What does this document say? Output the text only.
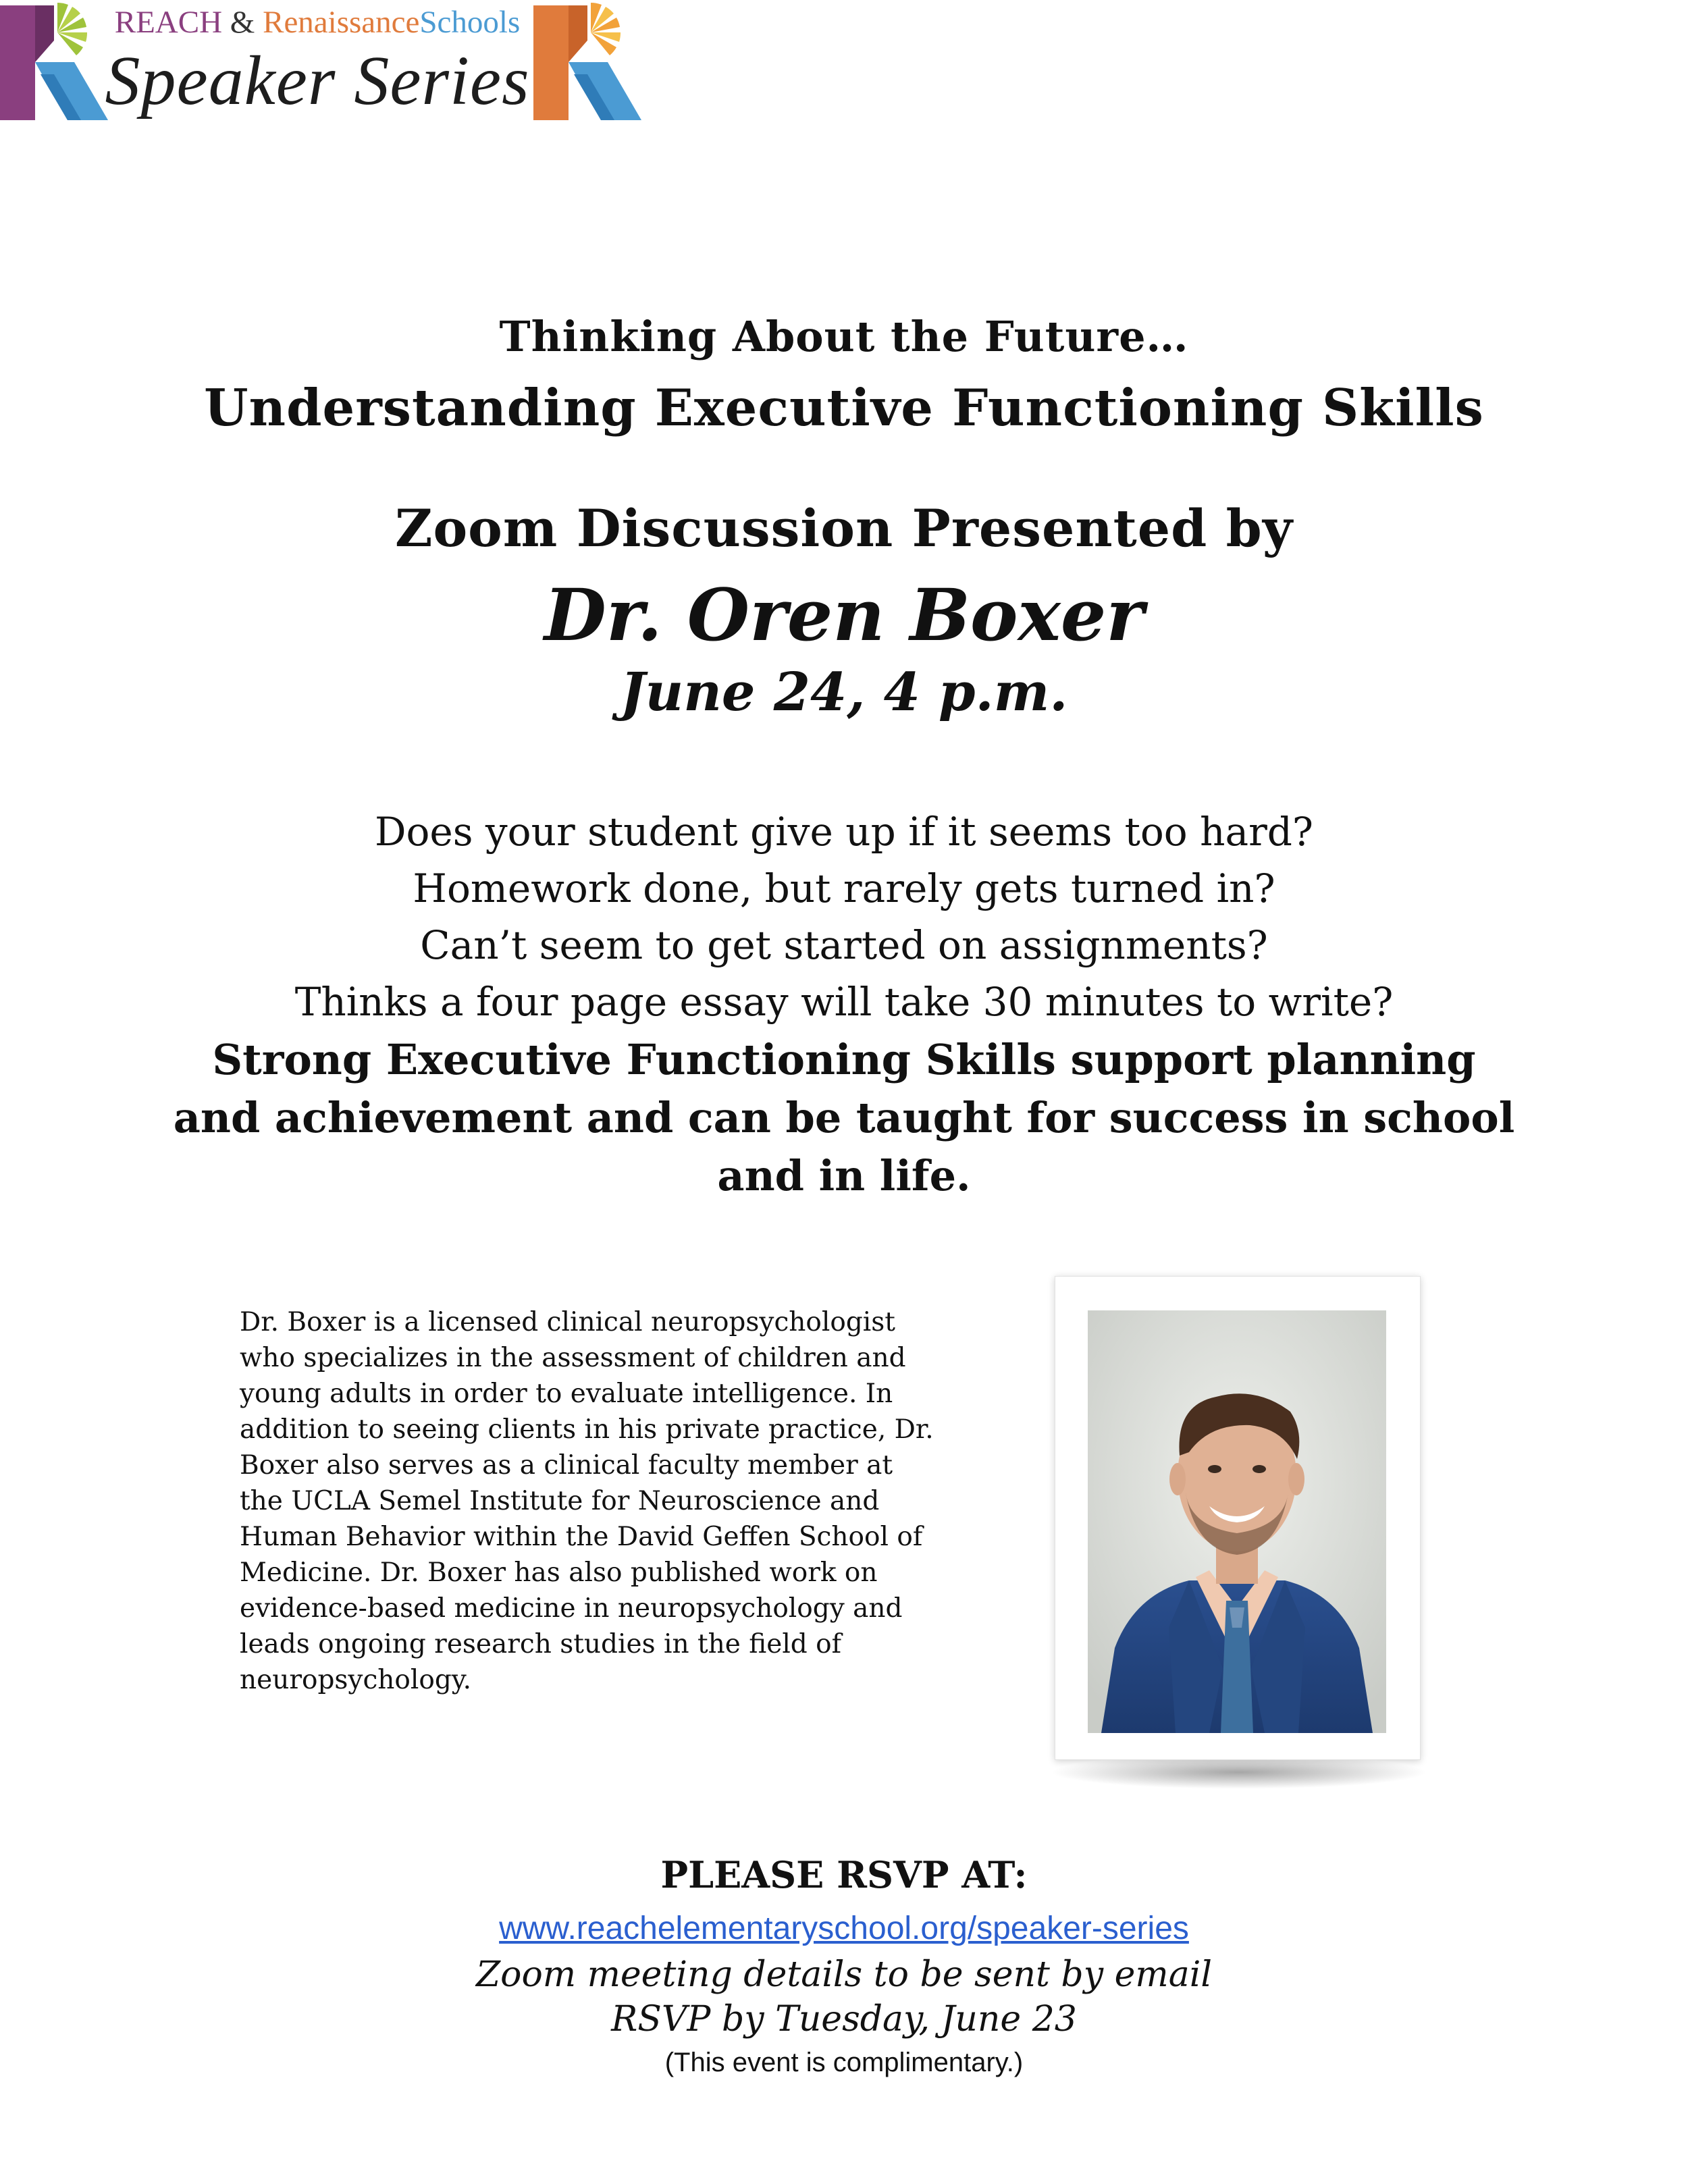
REACH & RenaissanceSchools
Speaker Series
Thinking About the Future…
Understanding Executive Functioning Skills
Zoom Discussion Presented by
Dr. Oren Boxer
June 24, 4 p.m.
Does your student give up if it seems too hard?
Homework done, but rarely gets turned in?
Can’t seem to get started on assignments?
Thinks a four page essay will take 30 minutes to write?
Strong Executive Functioning Skills support planning and achievement and can be taught for success in school and in life.
Dr. Boxer is a licensed clinical neuropsychologist who specializes in the assessment of children and young adults in order to evaluate intelligence. In addition to seeing clients in his private practice, Dr. Boxer also serves as a clinical faculty member at the UCLA Semel Institute for Neuroscience and Human Behavior within the David Geffen School of Medicine. Dr. Boxer has also published work on evidence-based medicine in neuropsychology and leads ongoing research studies in the field of neuropsychology.
PLEASE RSVP AT:
www.reachelementaryschool.org/speaker-series
Zoom meeting details to be sent by email
RSVP by Tuesday, June 23
(This event is complimentary.)
